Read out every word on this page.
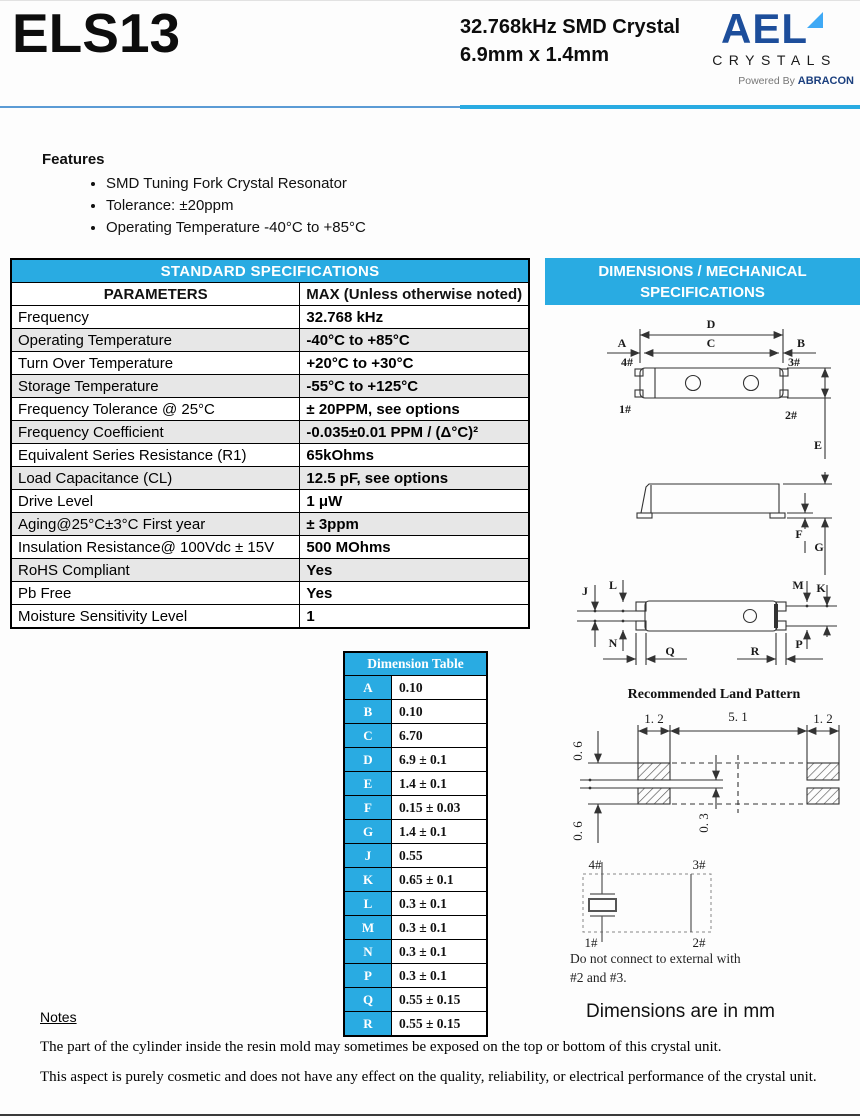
ELS13	32.768kHz SMD Crystal
6.9mm x 1.4mm
AEL
CRYSTALS
Powered By ABRACON
Features
• SMD Tuning Fork Crystal Resonator
• Tolerance: ±20ppm
• Operating Temperature -40°C to +85°C
STANDARD SPECIFICATIONS	
PARAMETERS	MAX (Unless otherwise noted)
Frequency	32.768 kHz
Operating Temperature	-40°C to +85°C
Turn Over Temperature	+20°C to +30°C
Storage Temperature	-55°C to +125°C
Frequency Tolerance @ 25°C	± 20PPM, see options
Frequency Coefficient	-0.035±0.01 PPM / (Δ°C)²
Equivalent Series Resistance (R1)	65kOhms
Load Capacitance (CL)	12.5 pF, see options
Drive Level	1 μW
Aging@25°C±3°C First year	± 3ppm
Insulation Resistance@ 100Vdc ± 15V	500 MOhms
RoHS Compliant	Yes
Pb Free	Yes
Moisture Sensitivity Level	1
DIMENSIONS / MECHANICAL
SPECIFICATIONS
D
C
A	B
4#	3#
1#	2#
E
F
G
J L	M K
N	P
Q	R
Recommended Land Pattern
1. 2	5. 1	1. 2
0. 6
0. 6	0. 3
4#	3#
1#	2#
Do not connect to external with
#2 and #3.
Dimensions are in mm
Dimension Table	
A	0.10
B	0.10
C	6.70
D	6.9 ± 0.1
E	1.4 ± 0.1
F	0.15 ± 0.03
G	1.4 ± 0.1
J	0.55
K	0.65 ± 0.1
L	0.3 ± 0.1
M	0.3 ± 0.1
N	0.3 ± 0.1
P	0.3 ± 0.1
Q	0.55 ± 0.15
R	0.55 ± 0.15
Notes

The part of the cylinder inside the resin mold may sometimes be exposed on the top or bottom of this crystal unit.

This aspect is purely cosmetic and does not have any effect on the quality, reliability, or electrical performance of the crystal unit.
